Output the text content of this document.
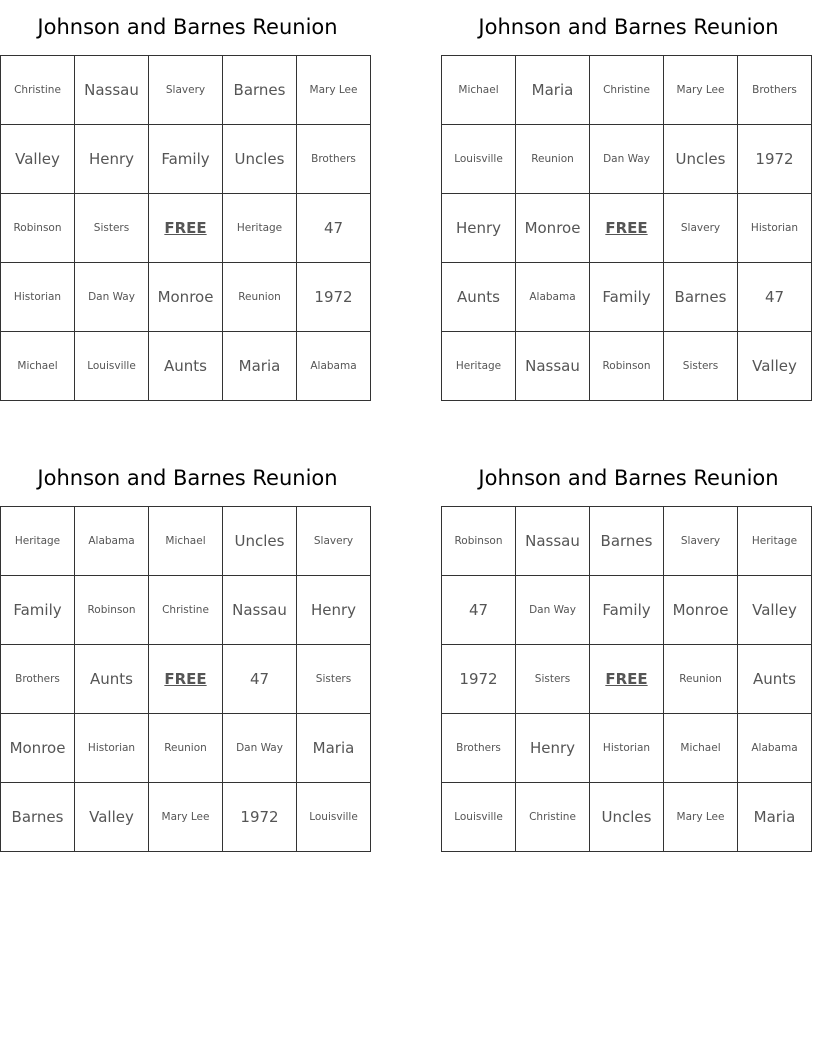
Johnson and Barnes Reunion
Christine	Nassau	Slavery	Barnes	Mary Lee
Valley	Henry	Family	Uncles	Brothers
Robinson	Sisters	FREE	Heritage	47
Historian	Dan Way	Monroe	Reunion	1972
Michael	Louisville	Aunts	Maria	Alabama
Johnson and Barnes Reunion
Michael	Maria	Christine	Mary Lee	Brothers
Louisville	Reunion	Dan Way	Uncles	1972
Henry	Monroe	FREE	Slavery	Historian
Aunts	Alabama	Family	Barnes	47
Heritage	Nassau	Robinson	Sisters	Valley
Johnson and Barnes Reunion
Heritage	Alabama	Michael	Uncles	Slavery
Family	Robinson	Christine	Nassau	Henry
Brothers	Aunts	FREE	47	Sisters
Monroe	Historian	Reunion	Dan Way	Maria
Barnes	Valley	Mary Lee	1972	Louisville
Johnson and Barnes Reunion
Robinson	Nassau	Barnes	Slavery	Heritage
47	Dan Way	Family	Monroe	Valley
1972	Sisters	FREE	Reunion	Aunts
Brothers	Henry	Historian	Michael	Alabama
Louisville	Christine	Uncles	Mary Lee	Maria
